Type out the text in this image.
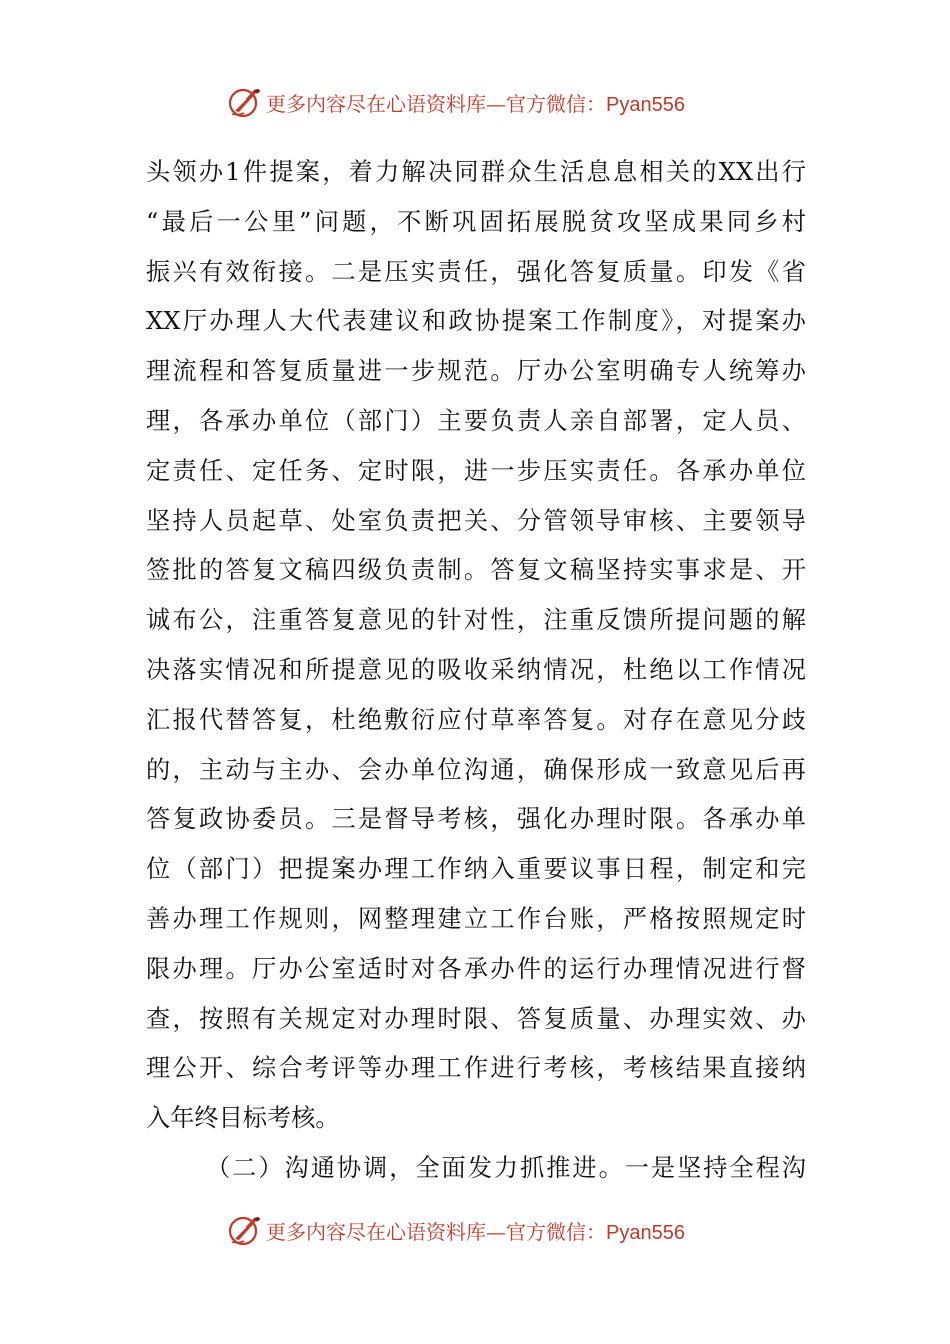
更多内容尽在心语资料库—官方微信：Pyan556
头领办1件提案，着力解决同群众生活息息相关的XX出行
“最后一公里”问题，不断巩固拓展脱贫攻坚成果同乡村
振兴有效衔接。二是压实责任，强化答复质量。印发《省
XX厅办理人大代表建议和政协提案工作制度》，对提案办
理流程和答复质量进一步规范。厅办公室明确专人统筹办
理，各承办单位（部门）主要负责人亲自部署，定人员、
定责任、定任务、定时限，进一步压实责任。各承办单位
坚持人员起草、处室负责把关、分管领导审核、主要领导
签批的答复文稿四级负责制。答复文稿坚持实事求是、开
诚布公，注重答复意见的针对性，注重反馈所提问题的解
决落实情况和所提意见的吸收采纳情况，杜绝以工作情况
汇报代替答复，杜绝敷衍应付草率答复。对存在意见分歧
的，主动与主办、会办单位沟通，确保形成一致意见后再
答复政协委员。三是督导考核，强化办理时限。各承办单
位（部门）把提案办理工作纳入重要议事日程，制定和完
善办理工作规则，网整理建立工作台账，严格按照规定时
限办理。厅办公室适时对各承办件的运行办理情况进行督
查，按照有关规定对办理时限、答复质量、办理实效、办
理公开、综合考评等办理工作进行考核，考核结果直接纳
入年终目标考核。
（二）沟通协调，全面发力抓推进。一是坚持全程沟
更多内容尽在心语资料库—官方微信：Pyan556
